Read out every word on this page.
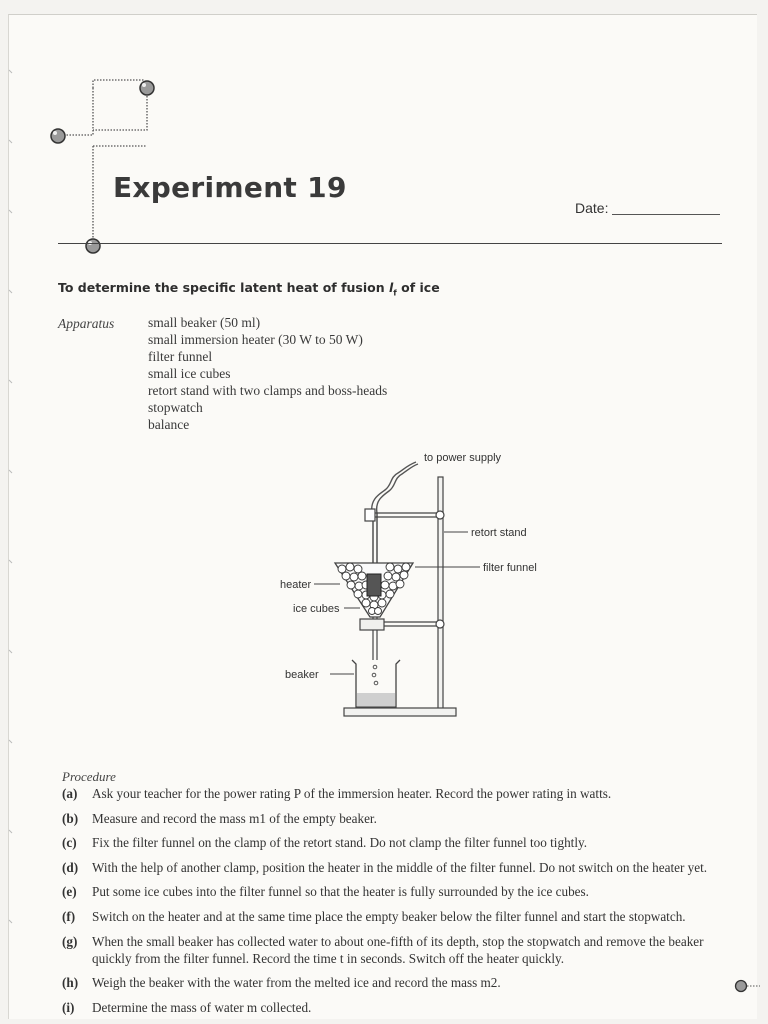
Experiment 19
Date:
To determine the specific latent heat of fusion $l_f$ of ice
Apparatus small beaker (50 ml)
small immersion heater (30 W to 50 W)
filter funnel
small ice cubes
retort stand with two clamps and boss-heads
stopwatch
balance
to power supply
retort stand
filter funnel
heater
ice cubes
beaker
Procedure
(a)	Ask your teacher for the power rating P of the immersion heater. Record the power rating in watts.
(b)	Measure and record the mass m1 of the empty beaker.
(c)	Fix the filter funnel on the clamp of the retort stand. Do not clamp the filter funnel too tightly.
(d)	With the help of another clamp, position the heater in the middle of the filter funnel. Do not switch on the heater yet.
(e)	Put some ice cubes into the filter funnel so that the heater is fully surrounded by the ice cubes.
(f)	Switch on the heater and at the same time place the empty beaker below the filter funnel and start the stopwatch.
(g)	When the small beaker has collected water to about one-fifth of its depth, stop the stopwatch and remove the beaker quickly from the filter funnel. Record the time t in seconds. Switch off the heater quickly.
(h)	Weigh the beaker with the water from the melted ice and record the mass m2.
(i)	Determine the mass of water m collected.
